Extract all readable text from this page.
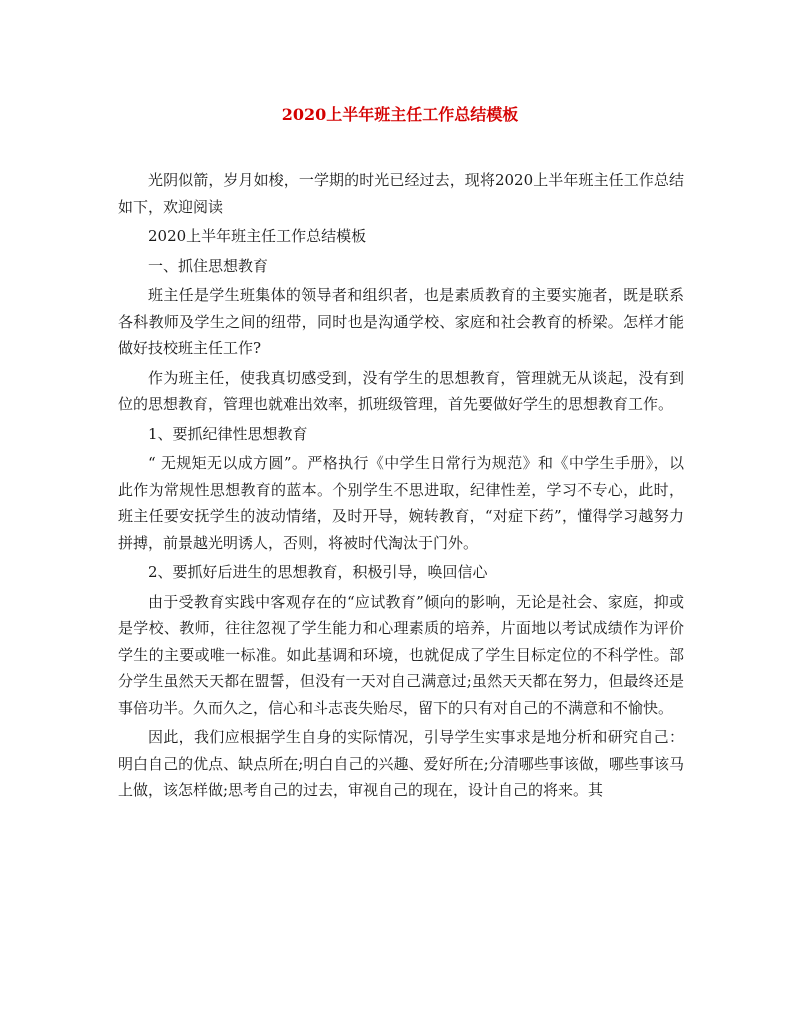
2020上半年班主任工作总结模板

光阴似箭，岁月如梭，一学期的时光已经过去，现将2020上半年班主任工作总结如下，欢迎阅读

2020上半年班主任工作总结模板

一、抓住思想教育

班主任是学生班集体的领导者和组织者，也是素质教育的主要实施者，既是联系各科教师及学生之间的纽带，同时也是沟通学校、家庭和社会教育的桥梁。怎样才能做好技校班主任工作?

作为班主任，使我真切感受到，没有学生的思想教育，管理就无从谈起，没有到位的思想教育，管理也就难出效率，抓班级管理，首先要做好学生的思想教育工作。

1、要抓纪律性思想教育

“ 无规矩无以成方圆”。严格执行《中学生日常行为规范》和《中学生手册》，以此作为常规性思想教育的蓝本。个别学生不思进取，纪律性差，学习不专心，此时，班主任要安抚学生的波动情绪，及时开导，婉转教育，“对症下药”，懂得学习越努力拼搏，前景越光明诱人，否则，将被时代淘汰于门外。

2、要抓好后进生的思想教育，积极引导，唤回信心

由于受教育实践中客观存在的“应试教育”倾向的影响，无论是社会、家庭，抑或是学校、教师，往往忽视了学生能力和心理素质的培养，片面地以考试成绩作为评价学生的主要或唯一标准。如此基调和环境，也就促成了学生目标定位的不科学性。部分学生虽然天天都在盟誓，但没有一天对自己满意过;虽然天天都在努力，但最终还是事倍功半。久而久之，信心和斗志丧失贻尽，留下的只有对自己的不满意和不愉快。

因此，我们应根据学生自身的实际情况，引导学生实事求是地分析和研究自己：明白自己的优点、缺点所在;明白自己的兴趣、爱好所在;分清哪些事该做，哪些事该马上做，该怎样做;思考自己的过去，审视自己的现在，设计自己的将来。其
